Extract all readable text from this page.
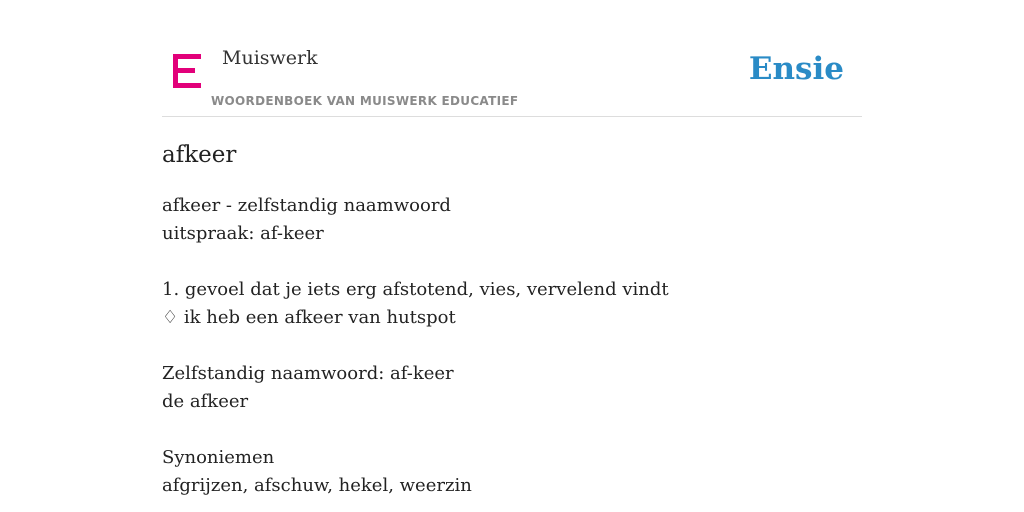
Muiswerk
WOORDENBOEK VAN MUISWERK EDUCATIEF
Ensie
afkeer
afkeer - zelfstandig naamwoord
uitspraak: af-keer
1. gevoel dat je iets erg afstotend, vies, vervelend vindt
♢ ik heb een afkeer van hutspot
Zelfstandig naamwoord: af-keer
de afkeer
Synoniemen
afgrijzen, afschuw, hekel, weerzin
